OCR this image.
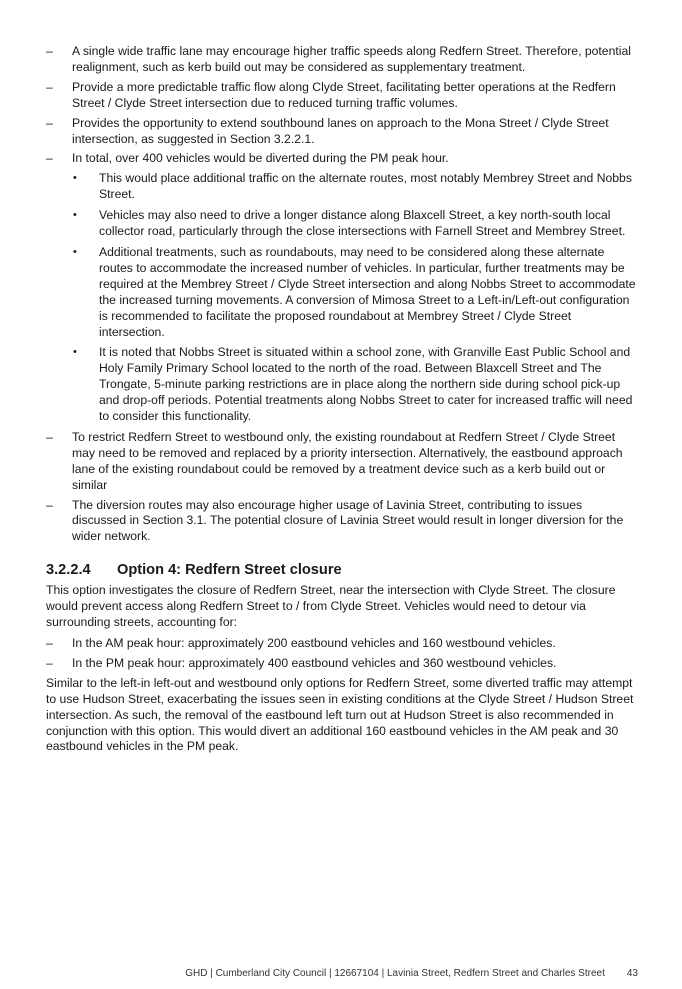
–	A single wide traffic lane may encourage higher traffic speeds along Redfern Street. Therefore, potential realignment, such as kerb build out may be considered as supplementary treatment.
–	Provide a more predictable traffic flow along Clyde Street, facilitating better operations at the Redfern Street / Clyde Street intersection due to reduced turning traffic volumes.
–	Provides the opportunity to extend southbound lanes on approach to the Mona Street / Clyde Street intersection, as suggested in Section 3.2.2.1.
–	In total, over 400 vehicles would be diverted during the PM peak hour.
• This would place additional traffic on the alternate routes, most notably Membrey Street and Nobbs Street.
• Vehicles may also need to drive a longer distance along Blaxcell Street, a key north-south local collector road, particularly through the close intersections with Farnell Street and Membrey Street.
• Additional treatments, such as roundabouts, may need to be considered along these alternate routes to accommodate the increased number of vehicles. In particular, further treatments may be required at the Membrey Street / Clyde Street intersection and along Nobbs Street to accommodate the increased turning movements. A conversion of Mimosa Street to a Left-in/Left-out configuration is recommended to facilitate the proposed roundabout at Membrey Street / Clyde Street intersection.
• It is noted that Nobbs Street is situated within a school zone, with Granville East Public School and Holy Family Primary School located to the north of the road. Between Blaxcell Street and The Trongate, 5-minute parking restrictions are in place along the northern side during school pick-up and drop-off periods. Potential treatments along Nobbs Street to cater for increased traffic will need to consider this functionality.
–	To restrict Redfern Street to westbound only, the existing roundabout at Redfern Street / Clyde Street may need to be removed and replaced by a priority intersection. Alternatively, the eastbound approach lane of the existing roundabout could be removed by a treatment device such as a kerb build out or similar
–	The diversion routes may also encourage higher usage of Lavinia Street, contributing to issues discussed in Section 3.1. The potential closure of Lavinia Street would result in longer diversion for the wider network.
3.2.2.4 Option 4: Redfern Street closure

This option investigates the closure of Redfern Street, near the intersection with Clyde Street. The closure would prevent access along Redfern Street to / from Clyde Street. Vehicles would need to detour via surrounding streets, accounting for:

–	In the AM peak hour: approximately 200 eastbound vehicles and 160 westbound vehicles.
–	In the PM peak hour: approximately 400 eastbound vehicles and 360 westbound vehicles.

Similar to the left-in left-out and westbound only options for Redfern Street, some diverted traffic may attempt to use Hudson Street, exacerbating the issues seen in existing conditions at the Clyde Street / Hudson Street intersection. As such, the removal of the eastbound left turn out at Hudson Street is also recommended in conjunction with this option. This would divert an additional 160 eastbound vehicles in the AM peak and 30 eastbound vehicles in the PM peak.

GHD | Cumberland City Council | 12667104 | Lavinia Street, Redfern Street and Charles Street 43
